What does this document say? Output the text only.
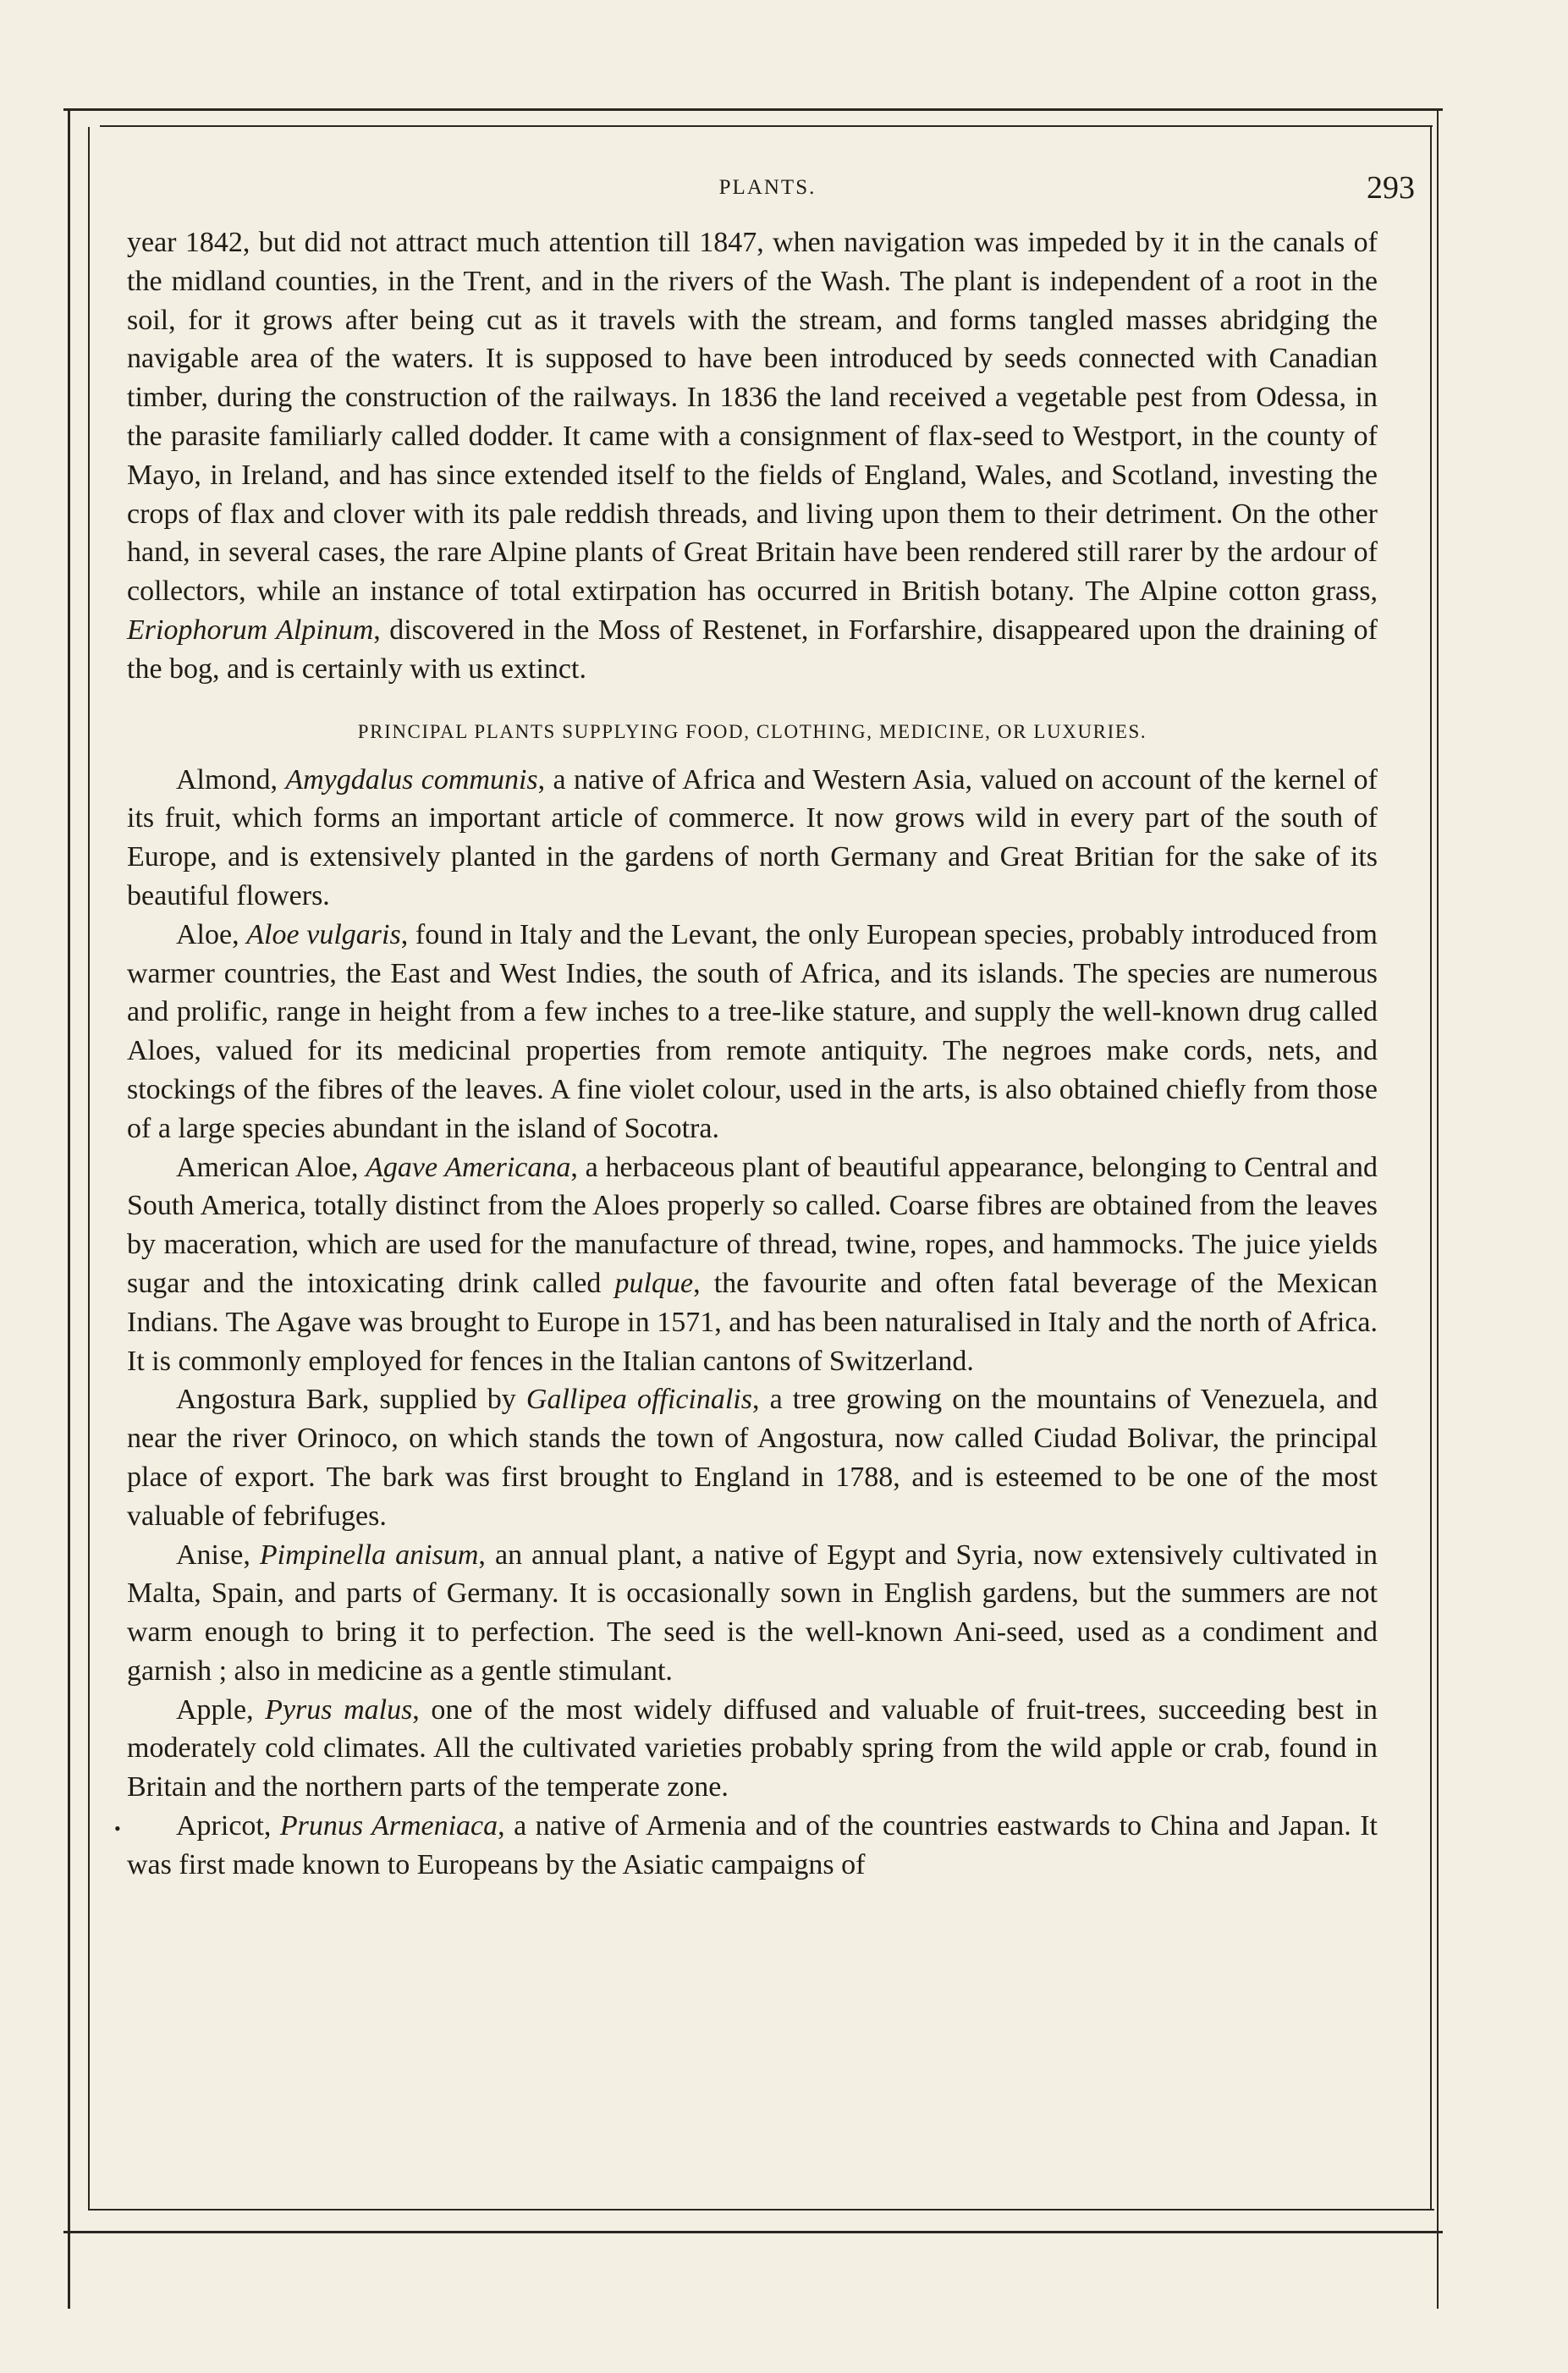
PLANTS.	293

year 1842, but did not attract much attention till 1847, when navigation was impeded by it in the canals of the midland counties, in the Trent, and in the rivers of the Wash. The plant is independent of a root in the soil, for it grows after being cut as it travels with the stream, and forms tangled masses abridging the navigable area of the waters. It is supposed to have been introduced by seeds connected with Canadian timber, during the construction of the railways. In 1836 the land received a vegetable pest from Odessa, in the parasite familiarly called dodder. It came with a consignment of flax-seed to Westport, in the county of Mayo, in Ireland, and has since extended itself to the fields of England, Wales, and Scotland, investing the crops of flax and clover with its pale reddish threads, and living upon them to their detriment. On the other hand, in several cases, the rare Alpine plants of Great Britain have been rendered still rarer by the ardour of collectors, while an instance of total extirpation has occurred in British botany. The Alpine cotton grass, Eriophorum Alpinum, discovered in the Moss of Restenet, in Forfarshire, disappeared upon the draining of the bog, and is certainly with us extinct.

PRINCIPAL PLANTS SUPPLYING FOOD, CLOTHING, MEDICINE, OR LUXURIES.

Almond, Amygdalus communis, a native of Africa and Western Asia, valued on account of the kernel of its fruit, which forms an important article of commerce. It now grows wild in every part of the south of Europe, and is extensively planted in the gardens of north Germany and Great Britian for the sake of its beautiful flowers.

Aloe, Aloe vulgaris, found in Italy and the Levant, the only European species, probably introduced from warmer countries, the East and West Indies, the south of Africa, and its islands. The species are numerous and prolific, range in height from a few inches to a tree-like stature, and supply the well-known drug called Aloes, valued for its medicinal properties from remote antiquity. The negroes make cords, nets, and stockings of the fibres of the leaves. A fine violet colour, used in the arts, is also obtained chiefly from those of a large species abundant in the island of Socotra.

American Aloe, Agave Americana, a herbaceous plant of beautiful appearance, belonging to Central and South America, totally distinct from the Aloes properly so called. Coarse fibres are obtained from the leaves by maceration, which are used for the manufacture of thread, twine, ropes, and hammocks. The juice yields sugar and the intoxicating drink called pulque, the favourite and often fatal beverage of the Mexican Indians. The Agave was brought to Europe in 1571, and has been naturalised in Italy and the north of Africa. It is commonly employed for fences in the Italian cantons of Switzerland.

Angostura Bark, supplied by Gallipea officinalis, a tree growing on the mountains of Venezuela, and near the river Orinoco, on which stands the town of Angostura, now called Ciudad Bolivar, the principal place of export. The bark was first brought to England in 1788, and is esteemed to be one of the most valuable of febrifuges.

Anise, Pimpinella anisum, an annual plant, a native of Egypt and Syria, now extensively cultivated in Malta, Spain, and parts of Germany. It is occasionally sown in English gardens, but the summers are not warm enough to bring it to perfection. The seed is the well-known Ani-seed, used as a condiment and garnish ; also in medicine as a gentle stimulant.

Apple, Pyrus malus, one of the most widely diffused and valuable of fruit-trees, succeeding best in moderately cold climates. All the cultivated varieties probably spring from the wild apple or crab, found in Britain and the northern parts of the temperate zone.

Apricot, Prunus Armeniaca, a native of Armenia and of the countries eastwards to China and Japan. It was first made known to Europeans by the Asiatic campaigns of

•
